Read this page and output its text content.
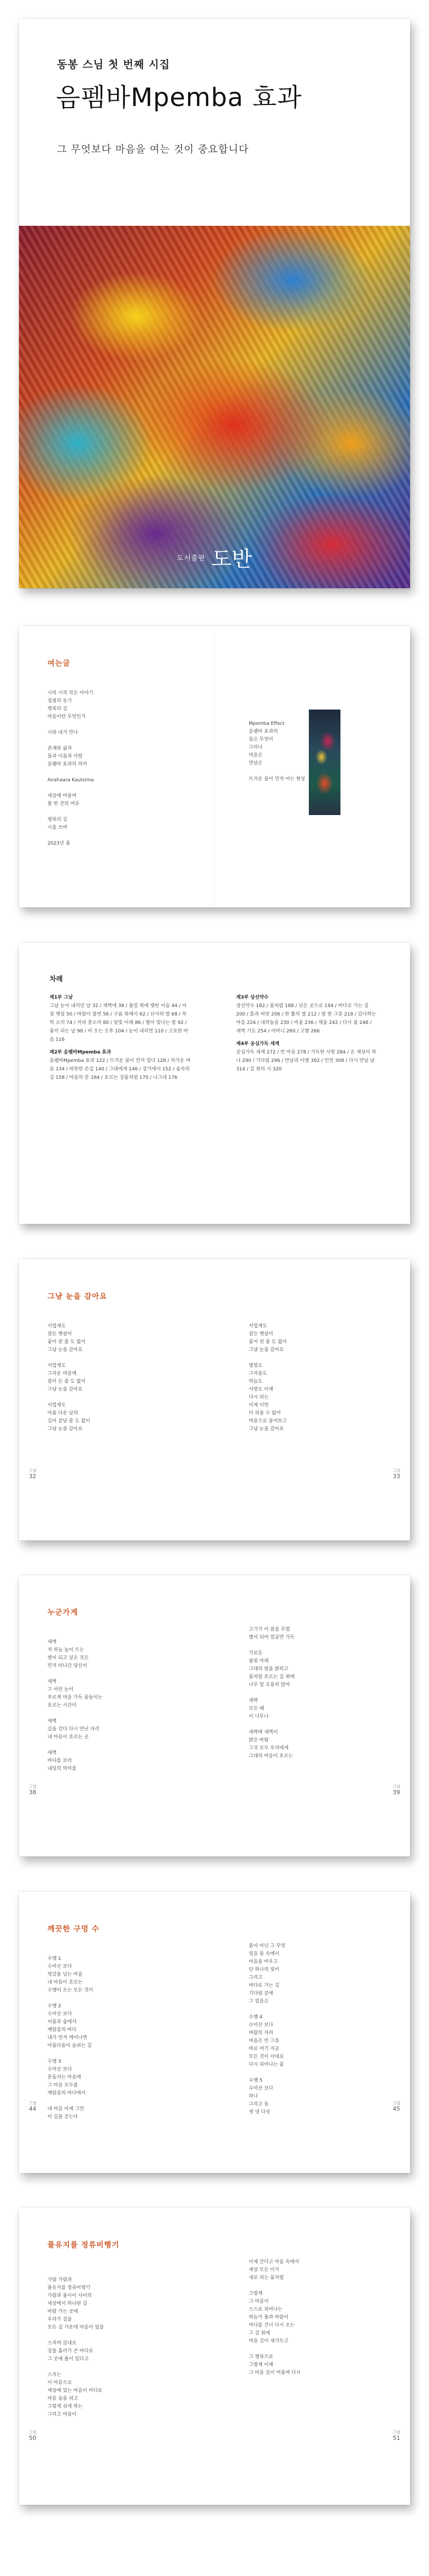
동봉 스님 첫 번째 시집
음펨바Mpemba 효과
그 무엇보다 마음을 여는 것이 중요합니다
도서출판 도반
여는글
시의 시작 작은 이야기
집필의 동기
행복의 길
마음이란 무엇인가
시와 내가 만나
존재와 삶과
물과 이름과 사랑
음펨바 효과의 의미
Anahaara Kautsima
세상에 머물며
볼 한 잔의 여유
행복의 길
시를 쓰며
2023년 봄
Mpemba Effect
음펨바 효과의
물은 무엇이
그러나
마음은
만남은
뜨거운 물이 먼저 어는 현상
차례
제1부 그날
그날 눈이 내리던 날 32 / 새벽에 38 / 풀잎 위에 맺힌 이슬 44 / 아침 햇살 50 / 바람이 불면 56 / 구름 위에서 62 / 산사의 밤 68 / 목탁 소리 74 / 저녁 종소리 80 / 달빛 아래 86 / 별이 빛나는 밤 92 / 꽃이 피는 날 98 / 비 오는 오후 104 / 눈이 내리면 110 / 고요한 마음 116
제2부 음펨바Mpemba 효과
음펨바Mpemba 효과 122 / 뜨거운 물이 먼저 얼다 128 / 차가운 마음 134 / 따뜻한 손길 140 / 그대에게 146 / 강가에서 152 / 숲속의 길 158 / 마음의 문 164 / 흐르는 강물처럼 170 / 나그네 176
제3부 상선약수
상선약수 182 / 물처럼 188 / 낮은 곳으로 194 / 바다로 가는 길 200 / 흙과 씨앗 206 / 한 톨의 쌀 212 / 밥 한 그릇 218 / 감사하는 마음 224 / 내려놓음 230 / 비움 236 / 채움 242 / 다시 봄 248 / 새벽 기도 254 / 어머니 260 / 고향 266
제4부 공심가득 세계
공심가득 세계 272 / 빈 마음 278 / 가득한 사랑 284 / 온 세상이 하나 290 / 기다림 296 / 만남과 이별 302 / 인연 308 / 다시 만날 날 314 / 길 위의 시 320
그냥 눈을 감아요
서럽게도
잠든 햇살이
꽃이 핀 줄 도 없이
그냥 눈을 감아요
서럽게도
그리운 마음에
잠이 든 줄 도 없이
그냥 눈을 감아요
서럽게도
아름 다운 날의
길이 끝날 줄 도 없이
그냥 눈을 감아요
서럽게도
잠든 햇살이
꽃이 핀 줄 도 없이
그냥 눈을 감아요
별빛도
그리움도
하늘도
사랑도 이제
다시 피는
이제 이만
더 피울 수 없어
마음으로 물어보고
그냥 눈을 감아요
그날
32
그날
33
누군가게
새벽
저 하늘 높이 뜨는
별이 되고 싶은 것은
먼저 떠나간 당신이
새벽
그 어린 눈이
푸르게 마음 가득 물들이는
흐르는 시간이
새벽
길을 걷다 다시 만난 자리
내 마음이 흐르는 곳
새벽
바다를 보러
내일의 의미를
고기가 이 잡을 무렵
별이 되어 얼굴만 가득
가로등
불빛 아래
그대의 밤을 밝히고
물처럼 흐르는 길 위에
나무 밑 조용히 앉아
새벽
모든 때
이 너무나
새벽에 새벽이
맑은 바람
그것 모두 우리에게
그대의 마음이 흐르는
그날
38
그날
39
깨끗한 구멍 수
수행 1
수미산 보다
영감을 넘는 마음
내 마음이 흐르는
수행이 오는 모든 것이
수행 2
수미산 보다
이름과 숲에서
깨달음의 바다
내가 먼저 깨어나면
아름다움이 숨쉬는 길
수행 3
수미산 보다
흔들리는 마음에
그 마음 모두를
깨달음의 바다에서
내 마음 이제 그만
이 길을 걷는다
흙이 아닌 그 무엇
얼음 물 속에서
마음을 비우고
단 하나의 빛이
그리고
바다로 가는 길
기다림 끝에
그 얼음은
수행 4
수미산 보다
바람의 자리
마음은 빈 그릇
바로 여기 지금
모든 것이 이대로
다시 피어나는 꽃
수행 5
수미산 보다
하나
그리고 둘
셋 넷 다섯
그날
44
그날
45
풀유지를 정류비행기
가람 가람과
풀유지를 정류비행기
가람과 풀사이 사이의
세상에서 하나된 길
바람 가는 곳에
우리가 걸을
모든 길 가운데 마음이 있을
스치며 갔네요
강물 흘러가 큰 바다로
그 곳에 풀이 있다고
스치는
이 마음으로
세상에 있는 마음이 어디로
마음 숨을 쉬고
그렇게 쉬게 하는
그리고 마음이
이제 간다고 마음 속에서
세상 모든 이가
새로 피는 꽃처럼
그렇게
그 마음이
스스로 피어나는
하늘가 풀과 바람이
바다를 건너 다시 오는
그 길 위에
마음 깊이 새겨두고
그 행복으로
그렇게 이제
그 마음 깊이 머물며 다시
그날
50
그날
51
